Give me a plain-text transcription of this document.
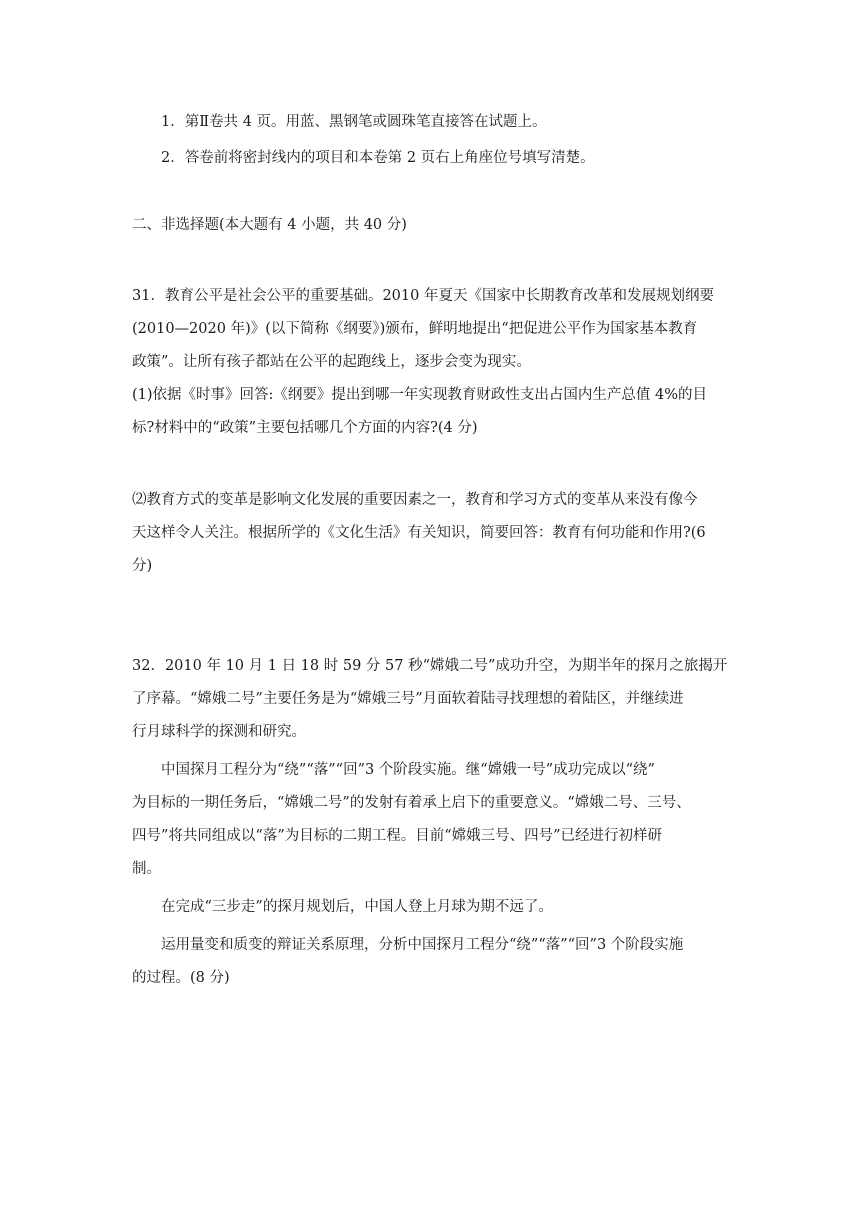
1．第Ⅱ卷共 4 页。用蓝、黑钢笔或圆珠笔直接答在试题上。
2．答卷前将密封线内的项目和本卷第 2 页右上角座位号填写清楚。
二、非选择题(本大题有 4 小题，共 40 分)
31．教育公平是社会公平的重要基础。2010 年夏天《国家中长期教育改革和发展规划纲要
(2010—2020 年)》(以下简称《纲要》)颁布，鲜明地提出“把促进公平作为国家基本教育
政策”。让所有孩子都站在公平的起跑线上，逐步会变为现实。
(1)依据《时事》回答:《纲要》提出到哪一年实现教育财政性支出占国内生产总值 4%的目
标?材料中的“政策”主要包括哪几个方面的内容?(4 分)
⑵教育方式的变革是影响文化发展的重要因素之一，教育和学习方式的变革从来没有像今
天这样令人关注。根据所学的《文化生活》有关知识，简要回答：教育有何功能和作用?(6
分)
32．2010 年 10 月 1 日 18 时 59 分 57 秒“嫦娥二号”成功升空，为期半年的探月之旅揭开
了序幕。“嫦娥二号”主要任务是为“嫦娥三号”月面软着陆寻找理想的着陆区，并继续进
行月球科学的探测和研究。
中国探月工程分为“绕”“落”“回”3 个阶段实施。继“嫦娥一号”成功完成以“绕”
为目标的一期任务后，“嫦娥二号”的发射有着承上启下的重要意义。“嫦娥二号、三号、
四号”将共同组成以“落”为目标的二期工程。目前“嫦娥三号、四号”已经进行初样研
制。
在完成“三步走”的探月规划后，中国人登上月球为期不远了。
运用量变和质变的辩证关系原理，分析中国探月工程分“绕”“落”“回”3 个阶段实施
的过程。(8 分)
